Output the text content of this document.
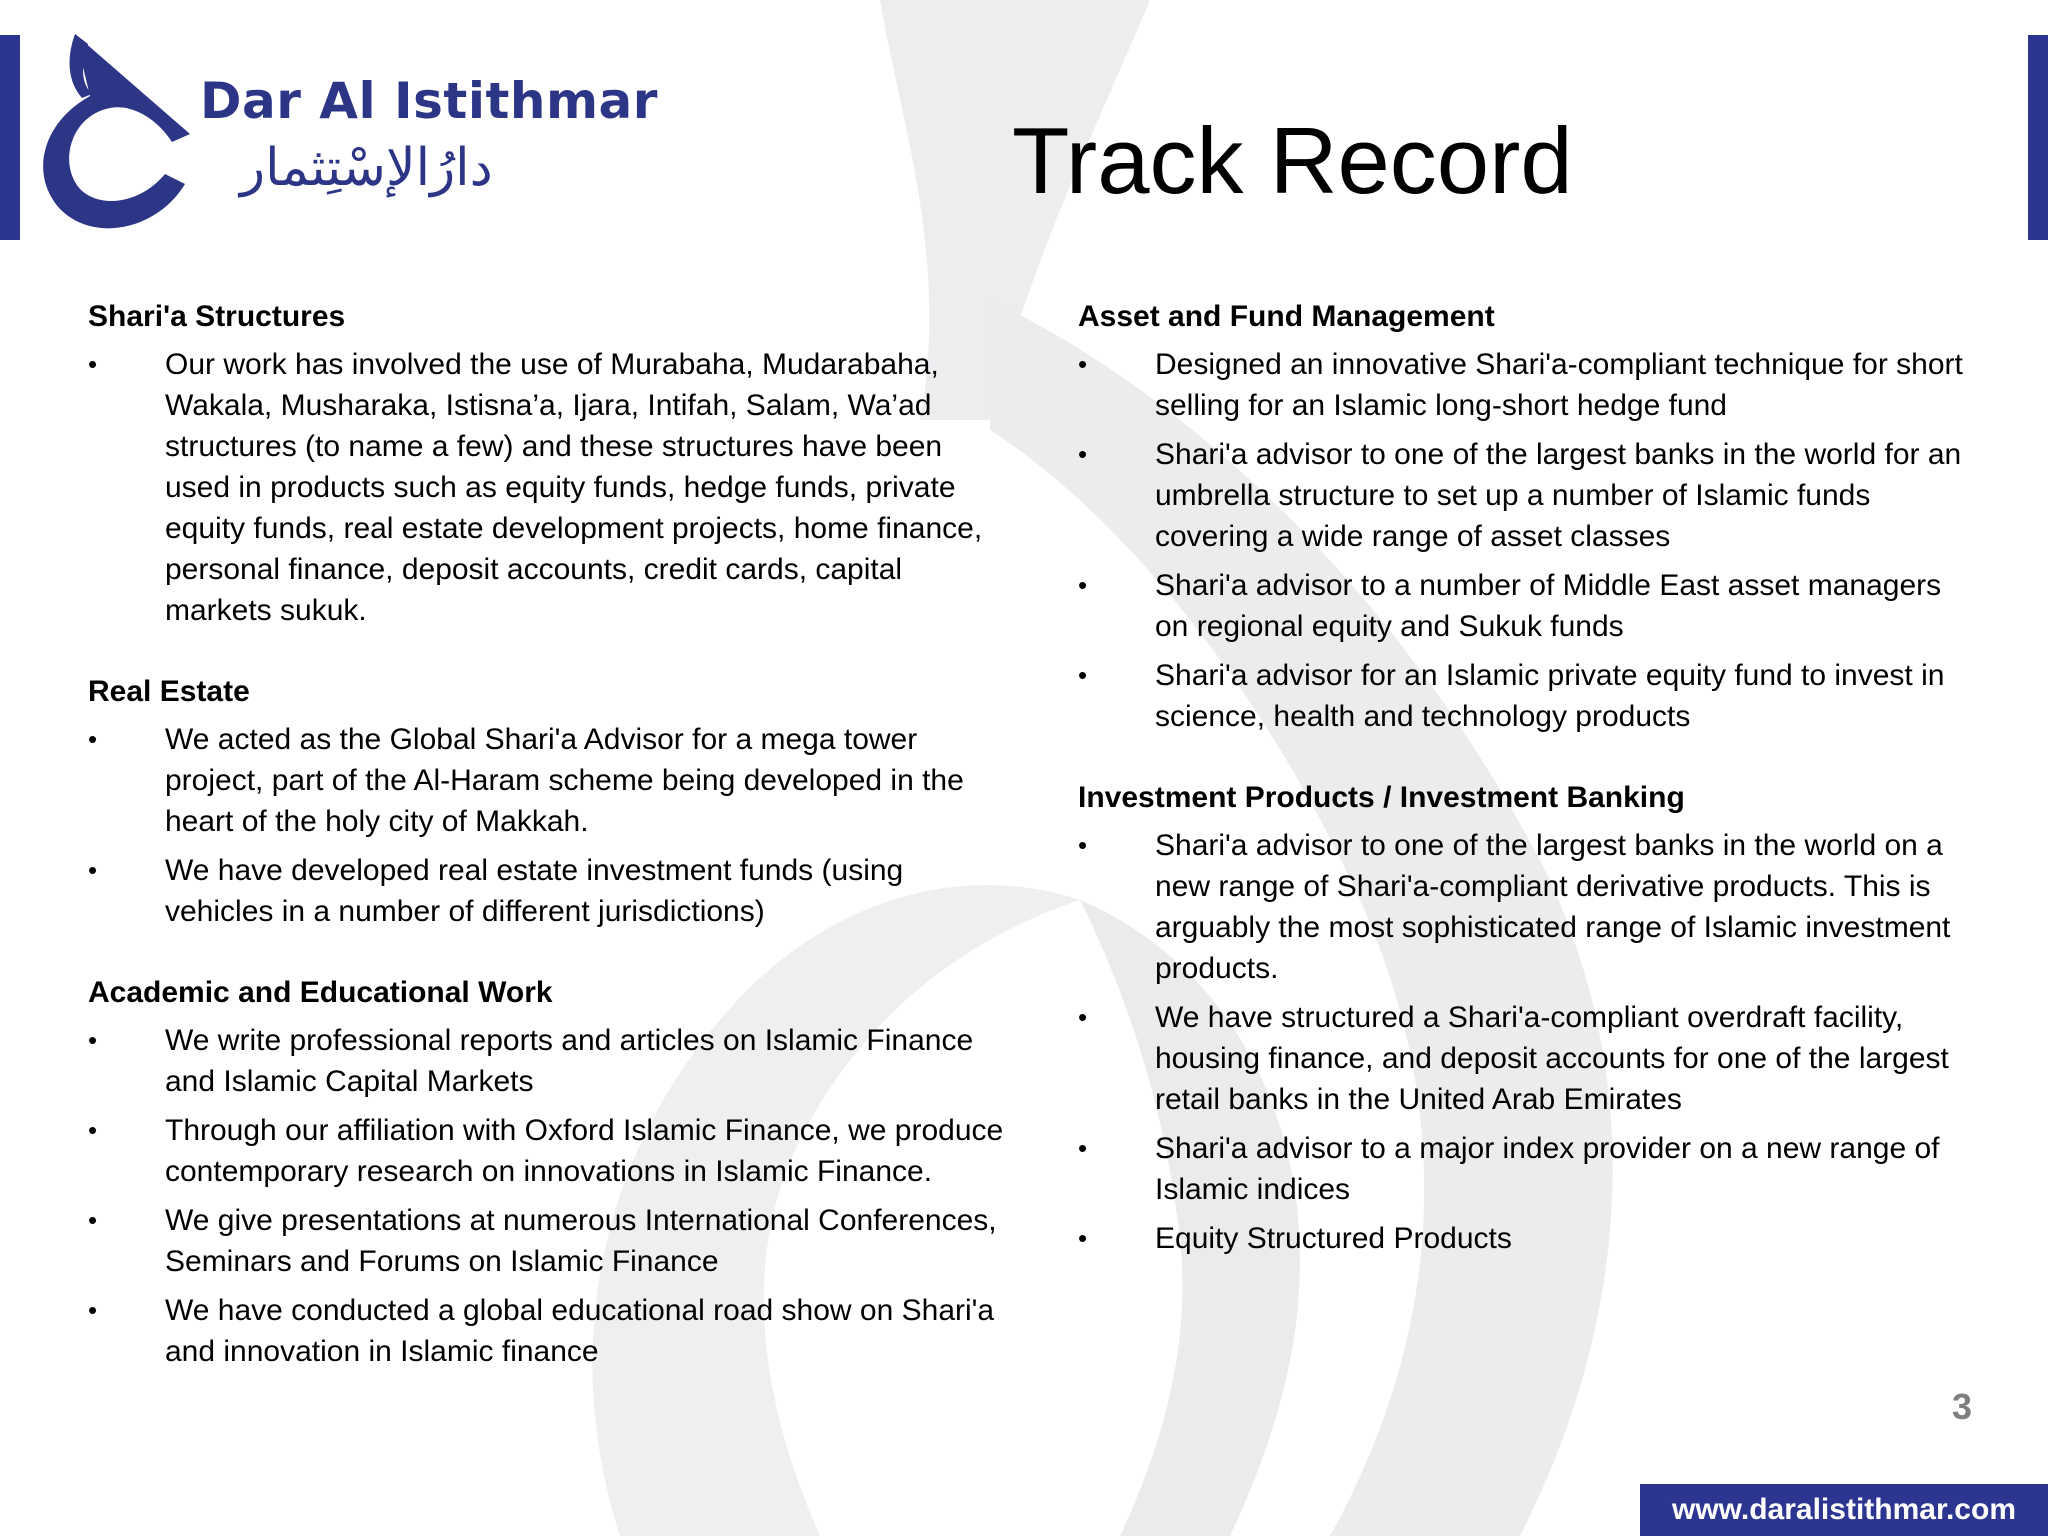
Dar Al Istithmar
دارُالإسْتِثمار	Track Record
Shari'a Structures
•	Our work has involved the use of Murabaha, Mudarabaha, Wakala, Musharaka, Istisna’a, Ijara, Intifah, Salam, Wa’ad structures (to name a few) and these structures have been used in products such as equity funds, hedge funds, private equity funds, real estate development projects, home finance, personal finance, deposit accounts, credit cards, capital markets sukuk.
Real Estate
•	We acted as the Global Shari'a Advisor for a mega tower project, part of the Al-Haram scheme being developed in the heart of the holy city of Makkah.
•	We have developed real estate investment funds (using vehicles in a number of different jurisdictions)
Academic and Educational Work
•	We write professional reports and articles on Islamic Finance and Islamic Capital Markets
•	Through our affiliation with Oxford Islamic Finance, we produce contemporary research on innovations in Islamic Finance.
•	We give presentations at numerous International Conferences, Seminars and Forums on Islamic Finance
•	We have conducted a global educational road show on Shari'a and innovation in Islamic finance
Asset and Fund Management
•	Designed an innovative Shari'a-compliant technique for short selling for an Islamic long-short hedge fund
•	Shari'a advisor to one of the largest banks in the world for an umbrella structure to set up a number of Islamic funds covering a wide range of asset classes
•	Shari'a advisor to a number of Middle East asset managers on regional equity and Sukuk funds
•	Shari'a advisor for an Islamic private equity fund to invest in science, health and technology products
Investment Products / Investment Banking
•	Shari'a advisor to one of the largest banks in the world on a new range of Shari'a-compliant derivative products. This is arguably the most sophisticated range of Islamic investment products.
•	We have structured a Shari'a-compliant overdraft facility, housing finance, and deposit accounts for one of the largest retail banks in the United Arab Emirates
•	Shari'a advisor to a major index provider on a new range of Islamic indices
•	Equity Structured Products
3
www.daralistithmar.com
